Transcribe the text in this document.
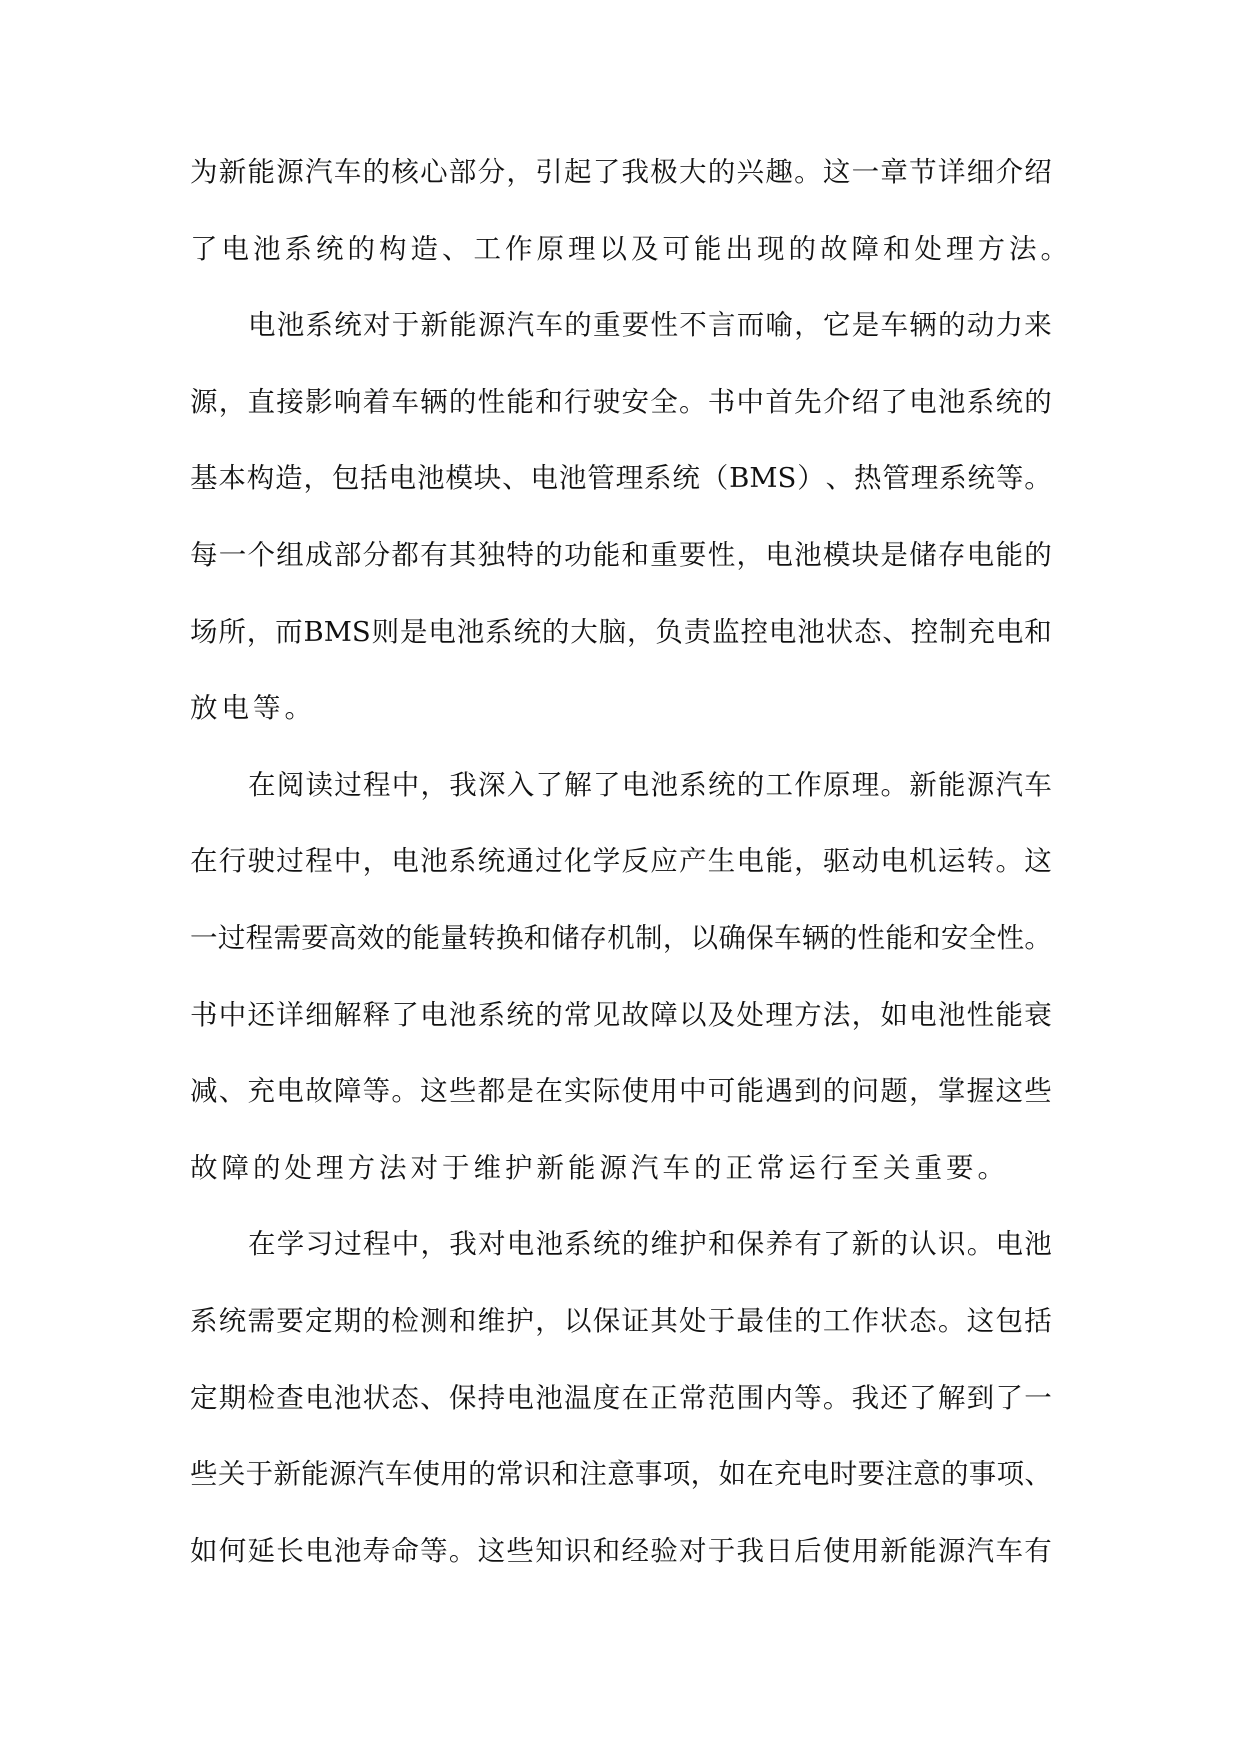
为 新 能 源 汽 车 的 核 心 部 分 ， 引 起 了 我 极 大 的 兴 趣 。 这 一 章 节 详 细 介 绍
了 电 池 系 统 的 构 造 、 工 作 原 理 以 及 可 能 出 现 的 故 障 和 处 理 方 法 。
电 池 系 统 对 于 新 能 源 汽 车 的 重 要 性 不 言 而 喻 ， 它 是 车 辆 的 动 力 来
源 ， 直 接 影 响 着 车 辆 的 性 能 和 行 驶 安 全 。 书 中 首 先 介 绍 了 电 池 系 统 的
基 本 构 造 ， 包 括 电 池 模 块 、 电 池 管 理 系 统 （ BMS ） 、 热 管 理 系 统 等 。
每 一 个 组 成 部 分 都 有 其 独 特 的 功 能 和 重 要 性 ， 电 池 模 块 是 储 存 电 能 的
场 所 ， 而 BMS 则 是 电 池 系 统 的 大 脑 ， 负 责 监 控 电 池 状 态 、 控 制 充 电 和
放 电 等 。
在 阅 读 过 程 中 ， 我 深 入 了 解 了 电 池 系 统 的 工 作 原 理 。 新 能 源 汽 车
在 行 驶 过 程 中 ， 电 池 系 统 通 过 化 学 反 应 产 生 电 能 ， 驱 动 电 机 运 转 。 这
一 过 程 需 要 高 效 的 能 量 转 换 和 储 存 机 制 ， 以 确 保 车 辆 的 性 能 和 安 全 性 。
书 中 还 详 细 解 释 了 电 池 系 统 的 常 见 故 障 以 及 处 理 方 法 ， 如 电 池 性 能 衰
减 、 充 电 故 障 等 。 这 些 都 是 在 实 际 使 用 中 可 能 遇 到 的 问 题 ， 掌 握 这 些
故 障 的 处 理 方 法 对 于 维 护 新 能 源 汽 车 的 正 常 运 行 至 关 重 要 。
在 学 习 过 程 中 ， 我 对 电 池 系 统 的 维 护 和 保 养 有 了 新 的 认 识 。 电 池
系 统 需 要 定 期 的 检 测 和 维 护 ， 以 保 证 其 处 于 最 佳 的 工 作 状 态 。 这 包 括
定 期 检 查 电 池 状 态 、 保 持 电 池 温 度 在 正 常 范 围 内 等 。 我 还 了 解 到 了 一
些 关 于 新 能 源 汽 车 使 用 的 常 识 和 注 意 事 项 ， 如 在 充 电 时 要 注 意 的 事 项 、
如 何 延 长 电 池 寿 命 等 。 这 些 知 识 和 经 验 对 于 我 日 后 使 用 新 能 源 汽 车 有
